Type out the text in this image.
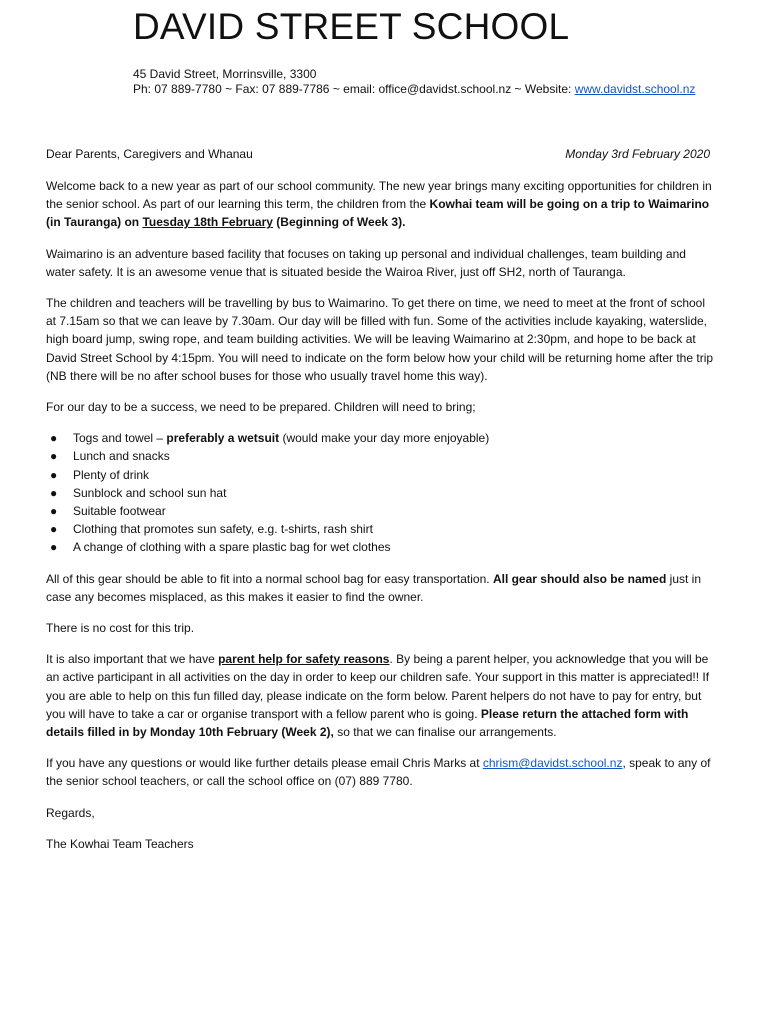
DAVID STREET SCHOOL
45 David Street, Morrinsville, 3300
Ph: 07 889-7780 ~ Fax: 07 889-7786 ~ email: office@davidst.school.nz ~ Website: www.davidst.school.nz
Dear Parents, Caregivers and Whanau	Monday 3rd February 2020

Welcome back to a new year as part of our school community. The new year brings many exciting opportunities for children in the senior school. As part of our learning this term, the children from the Kowhai team will be going on a trip to Waimarino (in Tauranga) on Tuesday 18th February (Beginning of Week 3).

Waimarino is an adventure based facility that focuses on taking up personal and individual challenges, team building and water safety. It is an awesome venue that is situated beside the Wairoa River, just off SH2, north of Tauranga.

The children and teachers will be travelling by bus to Waimarino. To get there on time, we need to meet at the front of school at 7.15am so that we can leave by 7.30am. Our day will be filled with fun. Some of the activities include kayaking, waterslide, high board jump, swing rope, and team building activities. We will be leaving Waimarino at 2:30pm, and hope to be back at David Street School by 4:15pm. You will need to indicate on the form below how your child will be returning home after the trip (NB there will be no after school buses for those who usually travel home this way).

For our day to be a success, we need to be prepared. Children will need to bring;

● Togs and towel – preferably a wetsuit (would make your day more enjoyable)
● Lunch and snacks
● Plenty of drink
● Sunblock and school sun hat
● Suitable footwear
● Clothing that promotes sun safety, e.g. t-shirts, rash shirt
● A change of clothing with a spare plastic bag for wet clothes

All of this gear should be able to fit into a normal school bag for easy transportation. All gear should also be named just in case any becomes misplaced, as this makes it easier to find the owner.

There is no cost for this trip.

It is also important that we have parent help for safety reasons. By being a parent helper, you acknowledge that you will be an active participant in all activities on the day in order to keep our children safe. Your support in this matter is appreciated!! If you are able to help on this fun filled day, please indicate on the form below. Parent helpers do not have to pay for entry, but you will have to take a car or organise transport with a fellow parent who is going. Please return the attached form with details filled in by Monday 10th February (Week 2), so that we can finalise our arrangements.

If you have any questions or would like further details please email Chris Marks at chrism@davidst.school.nz, speak to any of the senior school teachers, or call the school office on (07) 889 7780.

Regards,

The Kowhai Team Teachers
